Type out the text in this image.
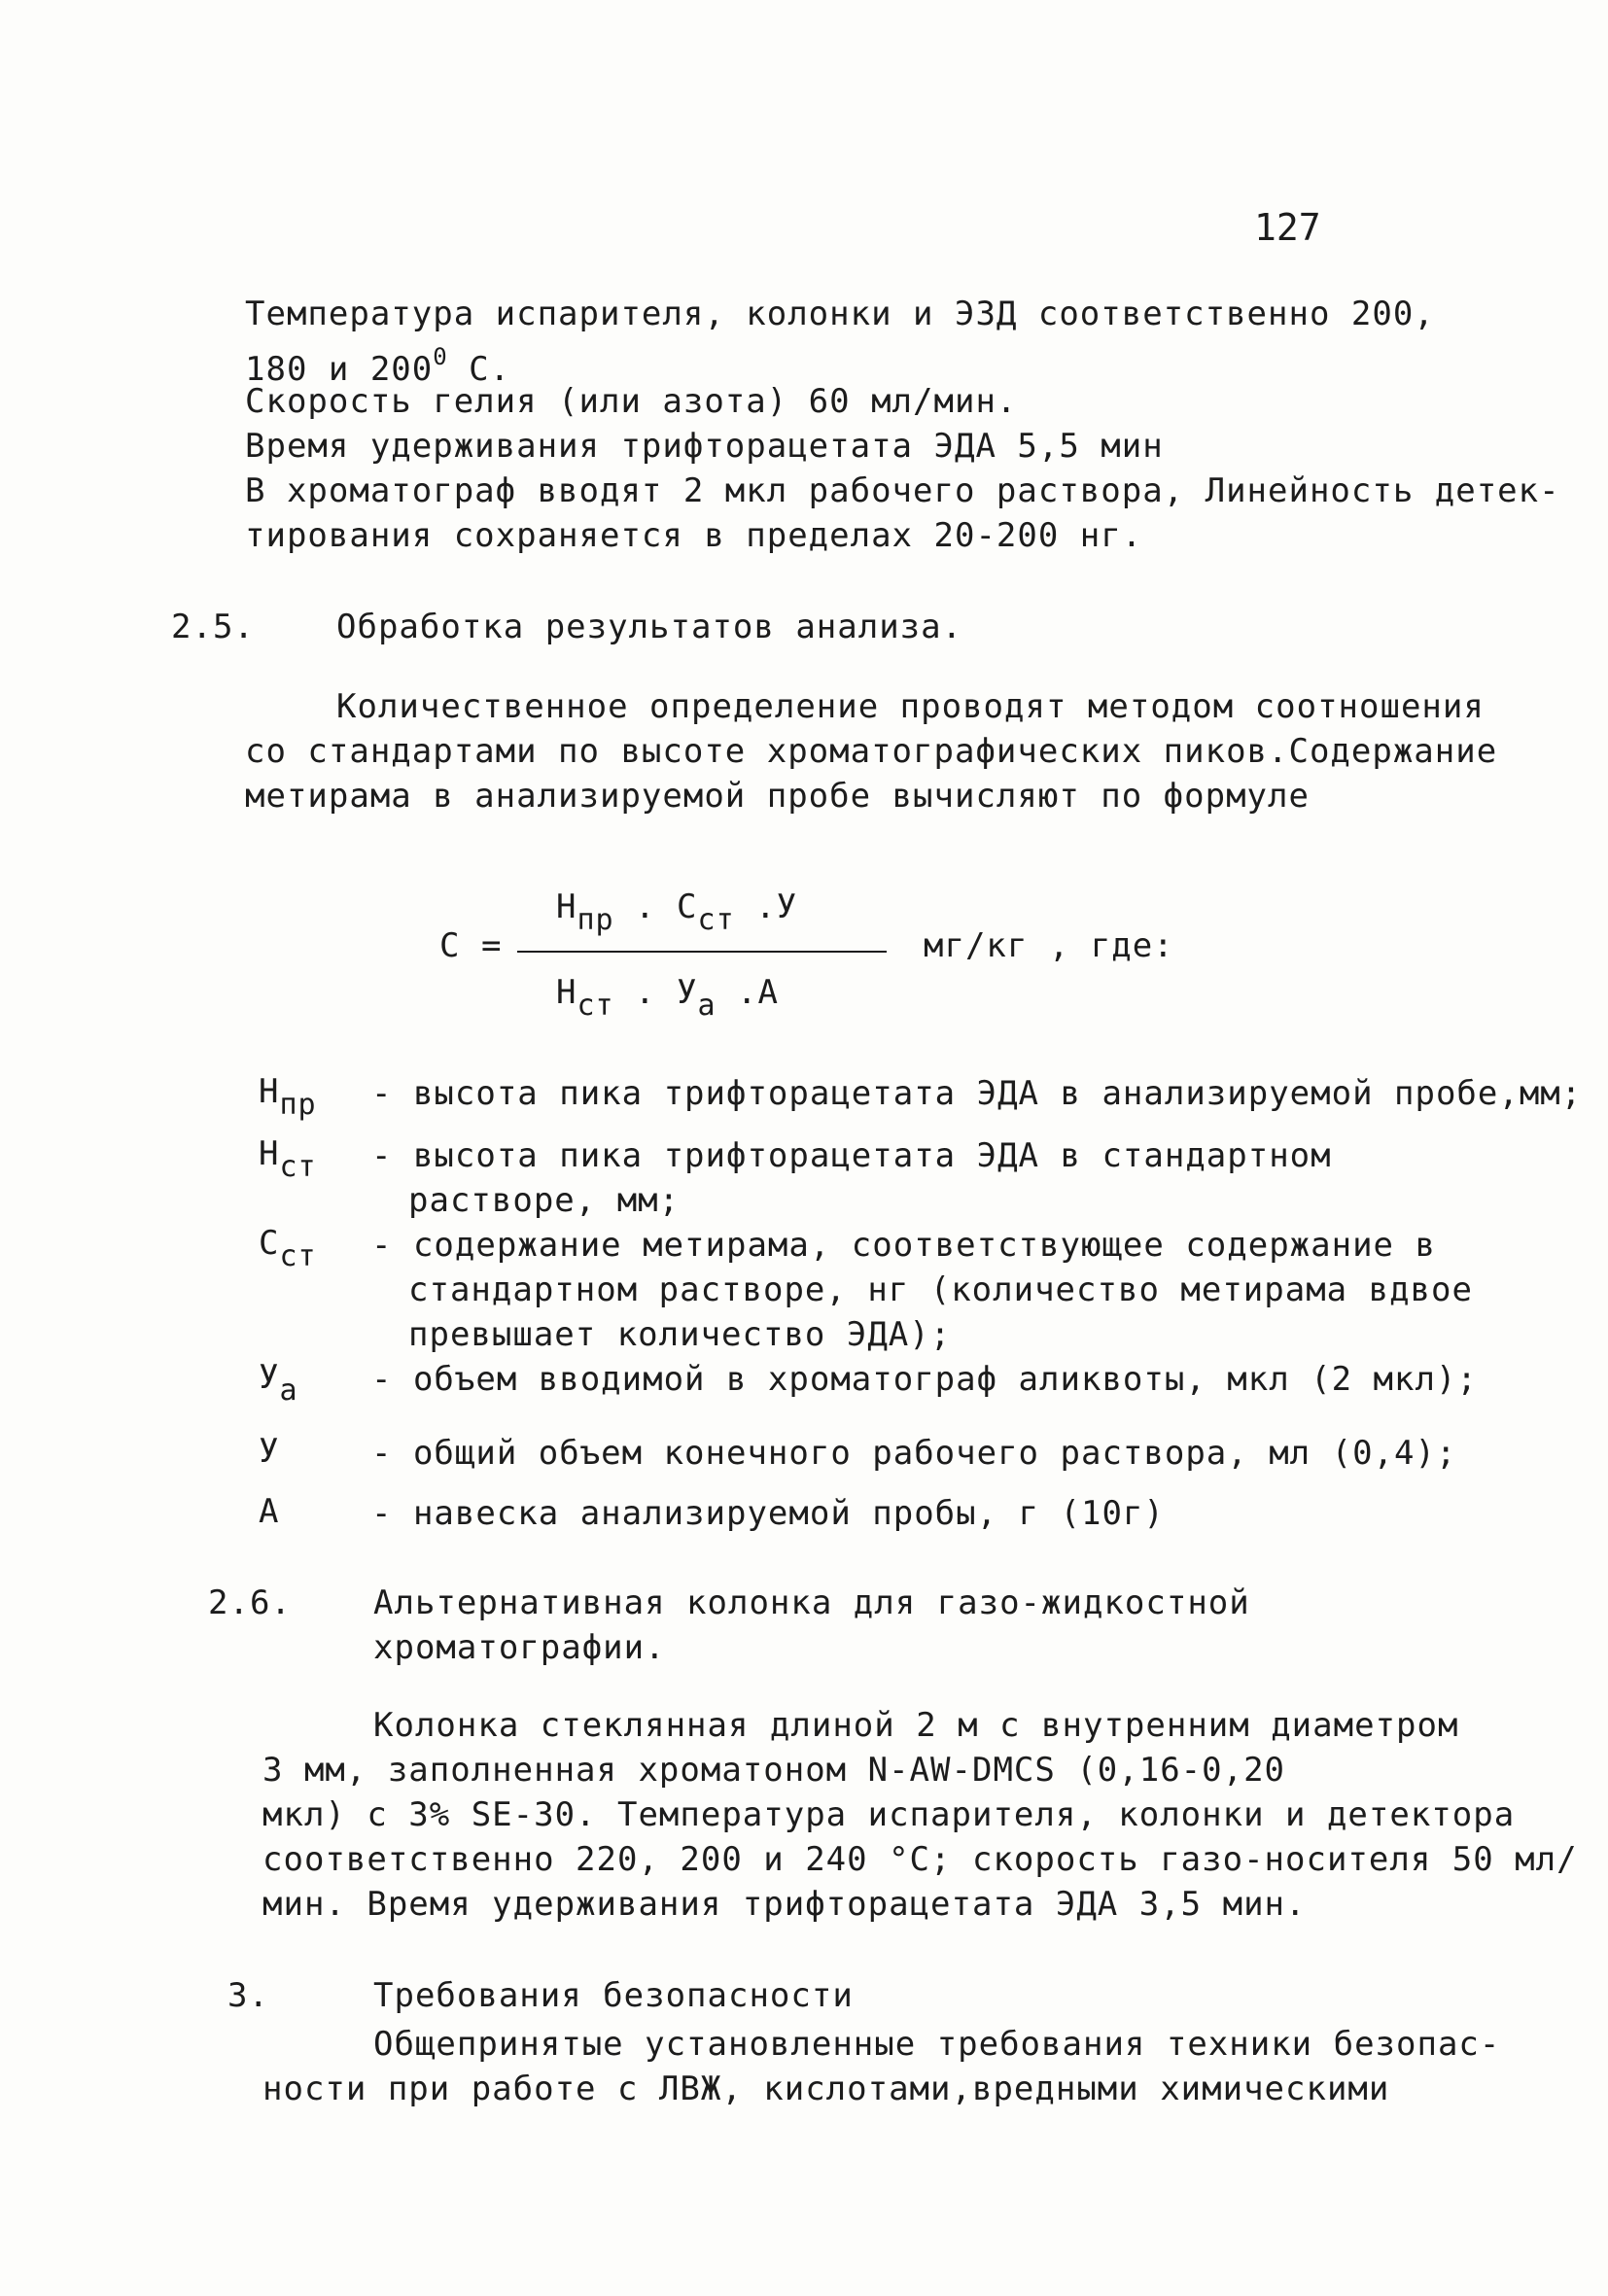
127
Температура испарителя, колонки и ЭЗД соответственно 200,
180 и $200^0$ С.
Скорость гелия (или азота) 60 мл/мин.
Время удерживания трифторацетата ЭДА 5,5 мин
В хроматограф вводят 2 мкл рабочего раствора, Линейность детек-
тирования сохраняется в пределах 20-200 нг.
2.5. Обработка результатов анализа.
Количественное определение проводят методом соотношения
со стандартами по высоте хроматографических пиков.Содержание
метирама в анализируемой пробе вычисляют по формуле
С =
$Н_{пр}$ . $С_{ст}$ .У
$Н_{ст}$ . $У_а$ .А
мг/кг , где:
$Н_{пр}$ - высота пика трифторацетата ЭДА в анализируемой пробе,мм;
$Н_{ст}$ - высота пика трифторацетата ЭДА в стандартном
растворе, мм;
$С_{ст}$ - содержание метирама, соответствующее содержание в
стандартном растворе, нг (количество метирама вдвое
превышает количество ЭДА);
$У_а$ - объем вводимой в хроматограф аликвоты, мкл (2 мкл);
У	- общий объем конечного рабочего раствора, мл (0,4);
А	- навеска анализируемой пробы, г (10г)
2.6. Альтернативная колонка для газо-жидкостной
хроматографии.
Колонка стеклянная длиной 2 м с внутренним диаметром
3 мм, заполненная хроматоном N-AW-DMCS (0,16-0,20
мкл) с 3% SE-30. Температура испарителя, колонки и детектора
соответственно 220, 200 и 240 °С; скорость газо-носителя 50 мл/
мин. Время удерживания трифторацетата ЭДА 3,5 мин.
3.	Требования безопасности
Общепринятые установленные требования техники безопас-
ности при работе с ЛВЖ, кислотами,вредными химическими
